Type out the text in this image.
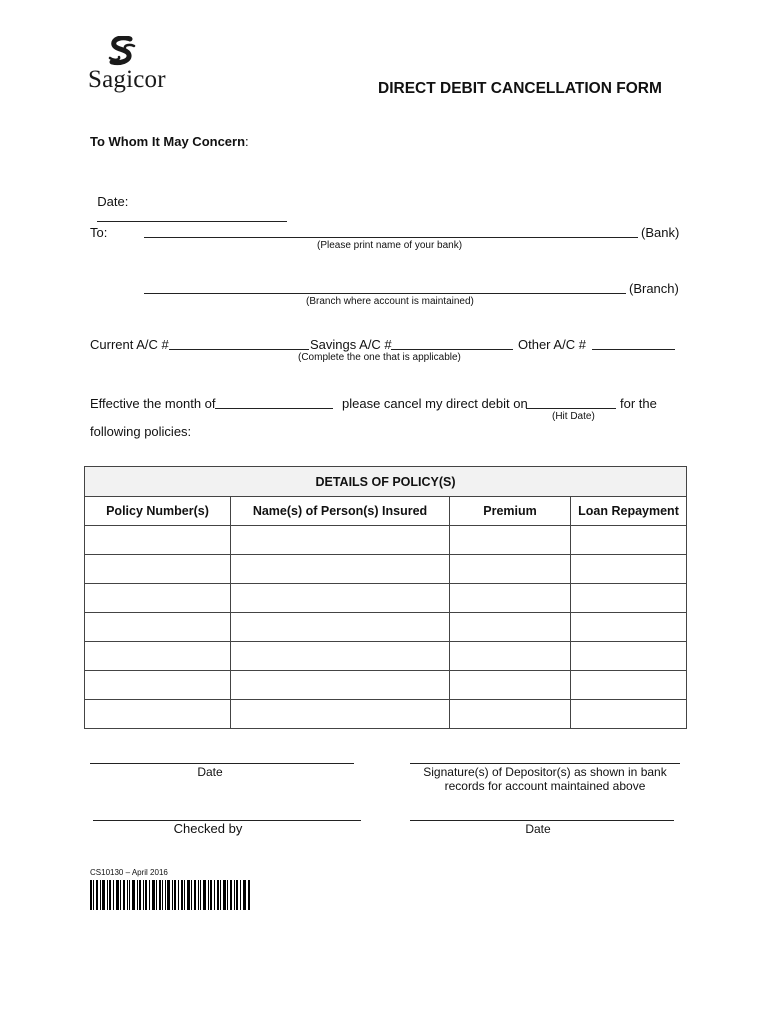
Sagicor	DIRECT DEBIT CANCELLATION FORM
To Whom It May Concern:

Date:

To:	(Bank)
(Please print name of your bank)
(Branch)
(Branch where account is maintained)
Current A/C #	Savings A/C #	Other A/C #
(Complete the one that is applicable)
Effective the month of	please cancel my direct debit on	for the
(Hit Date)
following policies:
DETAILS OF POLICY(S)			
Policy Number(s)	Name(s) of Person(s) Insured	Premium	Loan Repayment

Date	Signature(s) of Depositor(s) as shown in bank
records for account maintained above
Checked by	Date
CS10130 – April 2016
